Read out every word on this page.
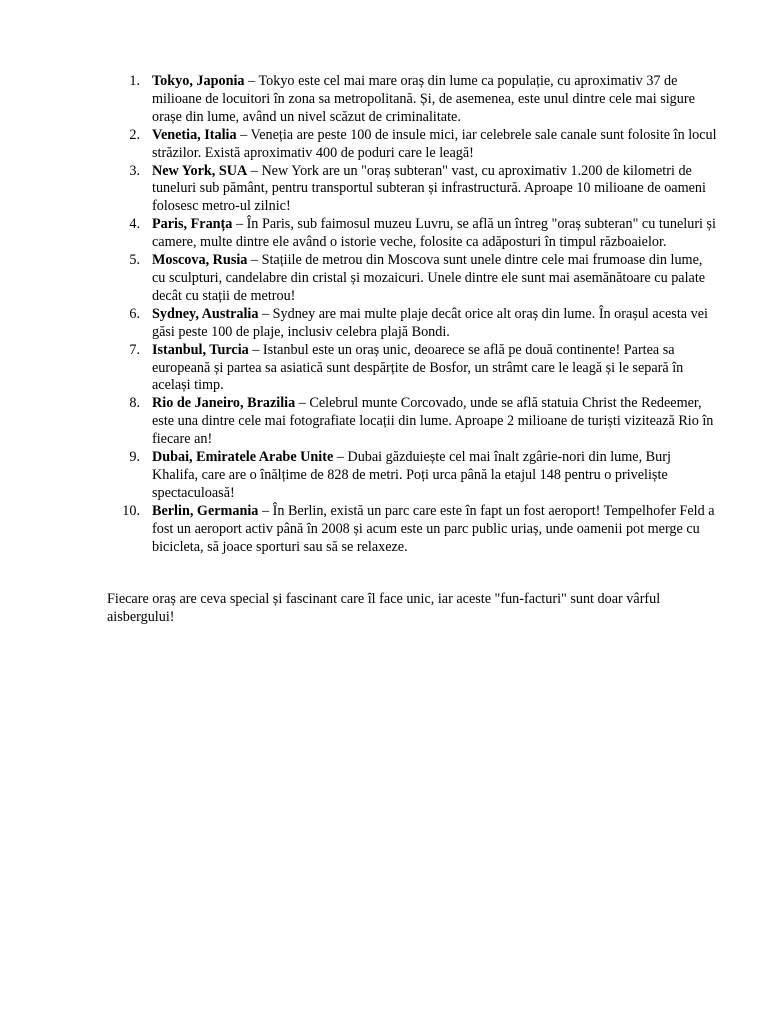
1. Tokyo, Japonia – Tokyo este cel mai mare oraș din lume ca populație, cu aproximativ 37 de milioane de locuitori în zona sa metropolitană. Și, de asemenea, este unul dintre cele mai sigure orașe din lume, având un nivel scăzut de criminalitate.
2. Venetia, Italia – Veneția are peste 100 de insule mici, iar celebrele sale canale sunt folosite în locul străzilor. Există aproximativ 400 de poduri care le leagă!
3. New York, SUA – New York are un "oraș subteran" vast, cu aproximativ 1.200 de kilometri de tuneluri sub pământ, pentru transportul subteran și infrastructură. Aproape 10 milioane de oameni folosesc metro-ul zilnic!
4. Paris, Franța – În Paris, sub faimosul muzeu Luvru, se află un întreg "oraș subteran" cu tuneluri și camere, multe dintre ele având o istorie veche, folosite ca adăposturi în timpul războaielor.
5. Moscova, Rusia – Stațiile de metrou din Moscova sunt unele dintre cele mai frumoase din lume, cu sculpturi, candelabre din cristal și mozaicuri. Unele dintre ele sunt mai asemănătoare cu palate decât cu stații de metrou!
6. Sydney, Australia – Sydney are mai multe plaje decât orice alt oraș din lume. În orașul acesta vei găsi peste 100 de plaje, inclusiv celebra plajă Bondi.
7. Istanbul, Turcia – Istanbul este un oraș unic, deoarece se află pe două continente! Partea sa europeană și partea sa asiatică sunt despărțite de Bosfor, un strâmt care le leagă și le separă în același timp.
8. Rio de Janeiro, Brazilia – Celebrul munte Corcovado, unde se află statuia Christ the Redeemer, este una dintre cele mai fotografiate locații din lume. Aproape 2 milioane de turiști vizitează Rio în fiecare an!
9. Dubai, Emiratele Arabe Unite – Dubai găzduiește cel mai înalt zgârie-nori din lume, Burj Khalifa, care are o înălțime de 828 de metri. Poți urca până la etajul 148 pentru o priveliște spectaculoasă!
10. Berlin, Germania – În Berlin, există un parc care este în fapt un fost aeroport! Tempelhofer Feld a fost un aeroport activ până în 2008 și acum este un parc public uriaș, unde oamenii pot merge cu bicicleta, să joace sporturi sau să se relaxeze.

Fiecare oraș are ceva special și fascinant care îl face unic, iar aceste "fun-facturi" sunt doar vârful aisbergului!
